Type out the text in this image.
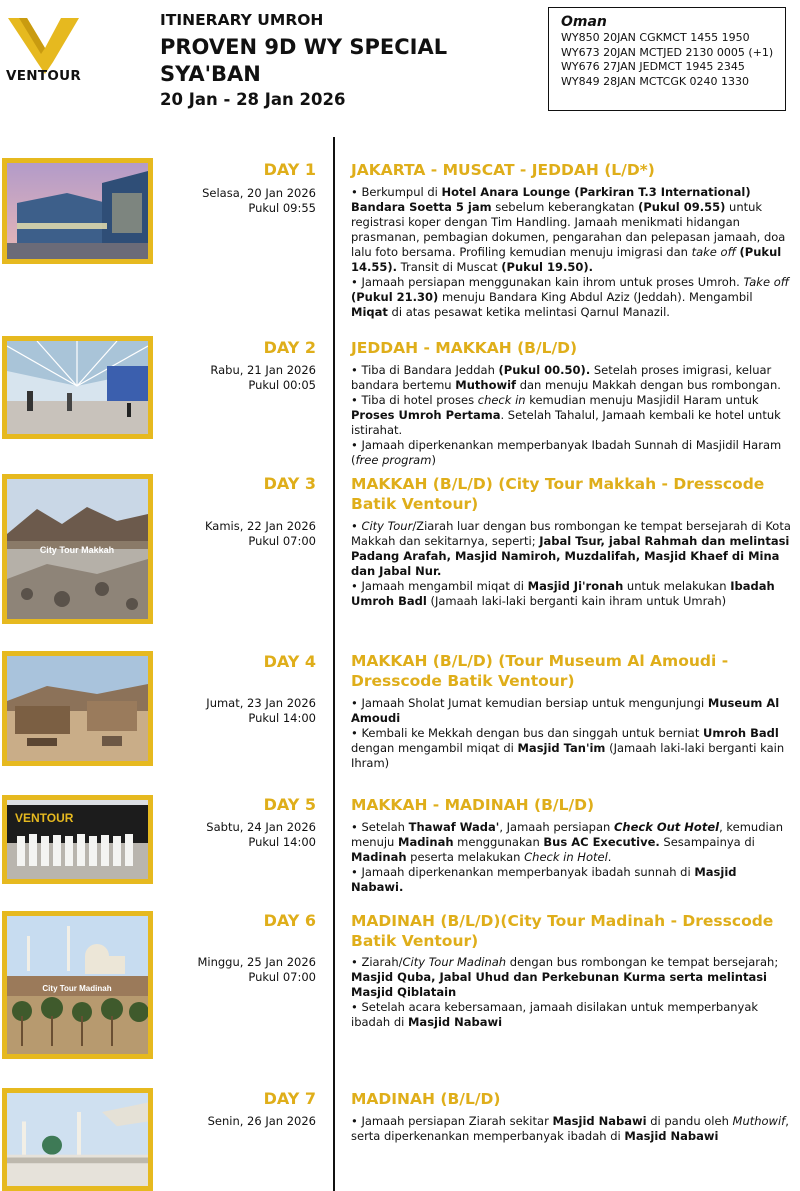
VENTOUR
ITINERARY UMROH
PROVEN 9D WY SPECIAL
SYA'BAN
20 Jan - 28 Jan 2026
Oman
WY850 20JAN CGKMCT 1455 1950
WY673 20JAN MCTJED 2130 0005 (+1)
WY676 27JAN JEDMCT 1945 2345
WY849 28JAN MCTCGK 0240 1330
DAY 1
Selasa, 20 Jan 2026
Pukul 09:55
JAKARTA - MUSCAT - JEDDAH (L/D*)

• Berkumpul di Hotel Anara Lounge (Parkiran T.3 International) Bandara Soetta 5 jam sebelum keberangkatan (Pukul 09.55) untuk registrasi koper dengan Tim Handling. Jamaah menikmati hidangan prasmanan, pembagian dokumen, pengarahan dan pelepasan jamaah, doa lalu foto bersama. Profiling kemudian menuju imigrasi dan take off (Pukul 14.55). Transit di Muscat (Pukul 19.50).

• Jamaah persiapan menggunakan kain ihrom untuk proses Umroh. Take off (Pukul 21.30) menuju Bandara King Abdul Aziz (Jeddah). Mengambil Miqat di atas pesawat ketika melintasi Qarnul Manazil.

DAY 2
Rabu, 21 Jan 2026
Pukul 00:05
JEDDAH - MAKKAH (B/L/D)

• Tiba di Bandara Jeddah (Pukul 00.50). Setelah proses imigrasi, keluar bandara bertemu Muthowif dan menuju Makkah dengan bus rombongan.

• Tiba di hotel proses check in kemudian menuju Masjidil Haram untuk Proses Umroh Pertama. Setelah Tahalul, Jamaah kembali ke hotel untuk istirahat.

• Jamaah diperkenankan memperbanyak Ibadah Sunnah di Masjidil Haram (free program)

City Tour Makkah
DAY 3
Kamis, 22 Jan 2026
Pukul 07:00
MAKKAH (B/L/D) (City Tour Makkah - Dresscode Batik Ventour)

• City Tour/Ziarah luar dengan bus rombongan ke tempat bersejarah di Kota Makkah dan sekitarnya, seperti; Jabal Tsur, jabal Rahmah dan melintasi Padang Arafah, Masjid Namiroh, Muzdalifah, Masjid Khaef di Mina dan Jabal Nur.

• Jamaah mengambil miqat di Masjid Ji'ronah untuk melakukan Ibadah Umroh Badl (Jamaah laki-laki berganti kain ihram untuk Umrah)

DAY 4
Jumat, 23 Jan 2026
Pukul 14:00
MAKKAH (B/L/D) (Tour Museum Al Amoudi - Dresscode Batik Ventour)

• Jamaah Sholat Jumat kemudian bersiap untuk mengunjungi Museum Al Amoudi

• Kembali ke Mekkah dengan bus dan singgah untuk berniat Umroh Badl dengan mengambil miqat di Masjid Tan'im (Jamaah laki-laki berganti kain Ihram)

VENTOUR
DAY 5
Sabtu, 24 Jan 2026
Pukul 14:00
MAKKAH - MADINAH (B/L/D)

• Setelah Thawaf Wada', Jamaah persiapan Check Out Hotel, kemudian menuju Madinah menggunakan Bus AC Executive. Sesampainya di Madinah peserta melakukan Check in Hotel.

• Jamaah diperkenankan memperbanyak ibadah sunnah di Masjid Nabawi.

City Tour Madinah
DAY 6
Minggu, 25 Jan 2026
Pukul 07:00
MADINAH (B/L/D)(City Tour Madinah - Dresscode Batik Ventour)

• Ziarah/City Tour Madinah dengan bus rombongan ke tempat bersejarah; Masjid Quba, Jabal Uhud dan Perkebunan Kurma serta melintasi Masjid Qiblatain

• Setelah acara kebersamaan, jamaah disilakan untuk memperbanyak ibadah di Masjid Nabawi

DAY 7
Senin, 26 Jan 2026
MADINAH (B/L/D)

• Jamaah persiapan Ziarah sekitar Masjid Nabawi di pandu oleh Muthowif, serta diperkenankan memperbanyak ibadah di Masjid Nabawi
